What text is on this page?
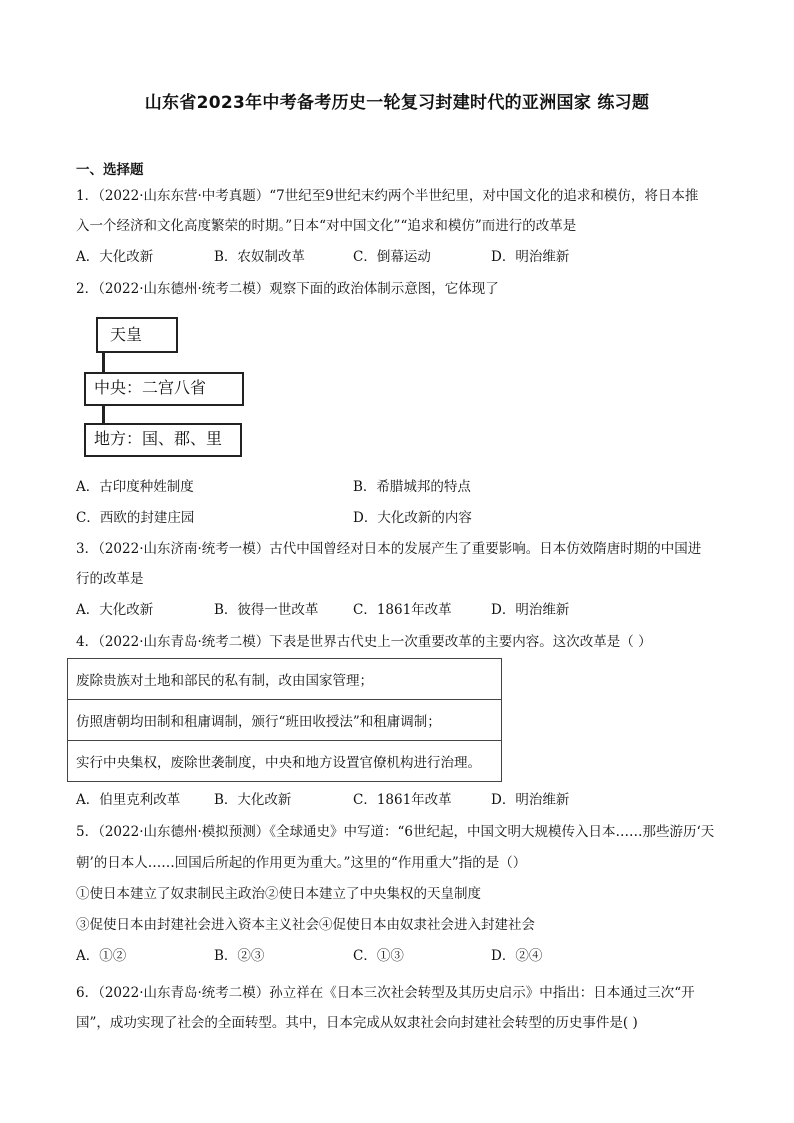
山东省2023年中考备考历史一轮复习封建时代的亚洲国家 练习题
一、选择题
1．（2022·山东东营·中考真题）“7世纪至9世纪末约两个半世纪里，对中国文化的追求和模仿，将日本推
入一个经济和文化高度繁荣的时期。”日本“对中国文化”“追求和模仿”而进行的改革是
A．大化改新	B．农奴制改革	C．倒幕运动	D．明治维新
2．（2022·山东德州·统考二模）观察下面的政治体制示意图，它体现了
天皇
中央：二宫八省
地方：国、郡、里
A．古印度种姓制度	B．希腊城邦的特点
C．西欧的封建庄园	D．大化改新的内容
3．（2022·山东济南·统考一模）古代中国曾经对日本的发展产生了重要影响。日本仿效隋唐时期的中国进
行的改革是
A．大化改新	B．彼得一世改革	C．1861年改革	D．明治维新
4．（2022·山东青岛·统考二模）下表是世界古代史上一次重要改革的主要内容。这次改革是（ ）
废除贵族对土地和部民的私有制，改由国家管理；
仿照唐朝均田制和租庸调制，颁行“班田收授法”和租庸调制；
实行中央集权，废除世袭制度，中央和地方设置官僚机构进行治理。
A．伯里克利改革	B．大化改新	C．1861年改革	D．明治维新
5．（2022·山东德州·模拟预测）《全球通史》中写道：“6世纪起，中国文明大规模传入日本……那些游历‘天
朝’的日本人……回国后所起的作用更为重大。”这里的“作用重大”指的是（）
①使日本建立了奴隶制民主政治②使日本建立了中央集权的天皇制度
③促使日本由封建社会进入资本主义社会④促使日本由奴隶社会进入封建社会
A．①②	B．②③	C．①③	D．②④
6．（2022·山东青岛·统考二模）孙立祥在《日本三次社会转型及其历史启示》中指出：日本通过三次“开
国”，成功实现了社会的全面转型。其中，日本完成从奴隶社会向封建社会转型的历史事件是( )
